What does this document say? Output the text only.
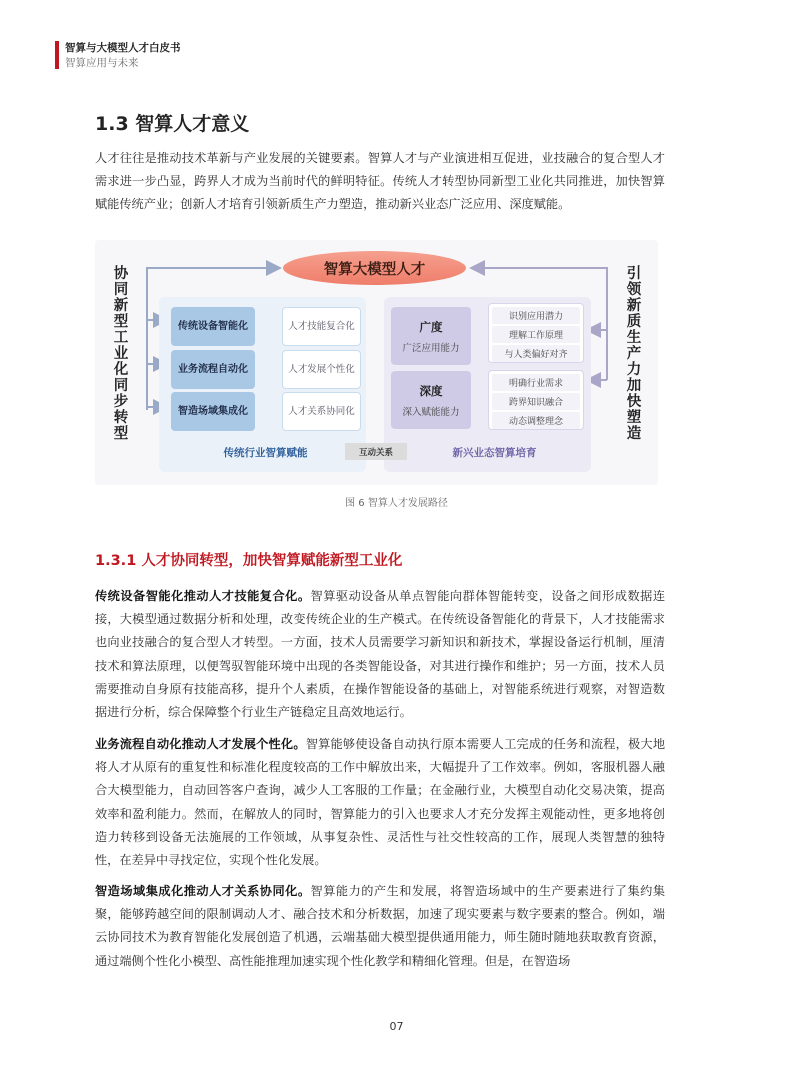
智算与大模型人才白皮书
智算应用与未来
1.3 智算人才意义
人才往往是推动技术革新与产业发展的关键要素。智算人才与产业演进相互促进，业技融合的复合型人才需求进一步凸显，跨界人才成为当前时代的鲜明特征。传统人才转型协同新型工业化共同推进，加快智算赋能传统产业；创新人才培育引领新质生产力塑造，推动新兴业态广泛应用、深度赋能。
智算大模型人才
协同新型工业化同步转型
引领新质生产力加快塑造
传统设备智能化	人才技能复合化
业务流程自动化	人才发展个性化
智造场域集成化	人才关系协同化
广度
广泛应用能力
识别应用潜力
理解工作原理
与人类偏好对齐
深度
深入赋能能力
明确行业需求
跨界知识融合
动态调整理念
传统行业智算赋能	互动关系	新兴业态智算培育
图 6 智算人才发展路径
1.3.1 人才协同转型，加快智算赋能新型工业化
传统设备智能化推动人才技能复合化。智算驱动设备从单点智能向群体智能转变，设备之间形成数据连接，大模型通过数据分析和处理，改变传统企业的生产模式。在传统设备智能化的背景下，人才技能需求也向业技融合的复合型人才转型。一方面，技术人员需要学习新知识和新技术，掌握设备运行机制，厘清技术和算法原理，以便驾驭智能环境中出现的各类智能设备，对其进行操作和维护；另一方面，技术人员需要推动自身原有技能高移，提升个人素质，在操作智能设备的基础上，对智能系统进行观察，对智造数据进行分析，综合保障整个行业生产链稳定且高效地运行。
业务流程自动化推动人才发展个性化。智算能够使设备自动执行原本需要人工完成的任务和流程，极大地将人才从原有的重复性和标准化程度较高的工作中解放出来，大幅提升了工作效率。例如，客服机器人融合大模型能力，自动回答客户查询，减少人工客服的工作量；在金融行业，大模型自动化交易决策，提高效率和盈利能力。然而，在解放人的同时，智算能力的引入也要求人才充分发挥主观能动性，更多地将创造力转移到设备无法施展的工作领域，从事复杂性、灵活性与社交性较高的工作，展现人类智慧的独特性，在差异中寻找定位，实现个性化发展。
智造场域集成化推动人才关系协同化。智算能力的产生和发展，将智造场域中的生产要素进行了集约集聚，能够跨越空间的限制调动人才、融合技术和分析数据，加速了现实要素与数字要素的整合。例如，端云协同技术为教育智能化发展创造了机遇，云端基础大模型提供通用能力，师生随时随地获取教育资源，通过端侧个性化小模型、高性能推理加速实现个性化教学和精细化管理。但是，在智造场
07
